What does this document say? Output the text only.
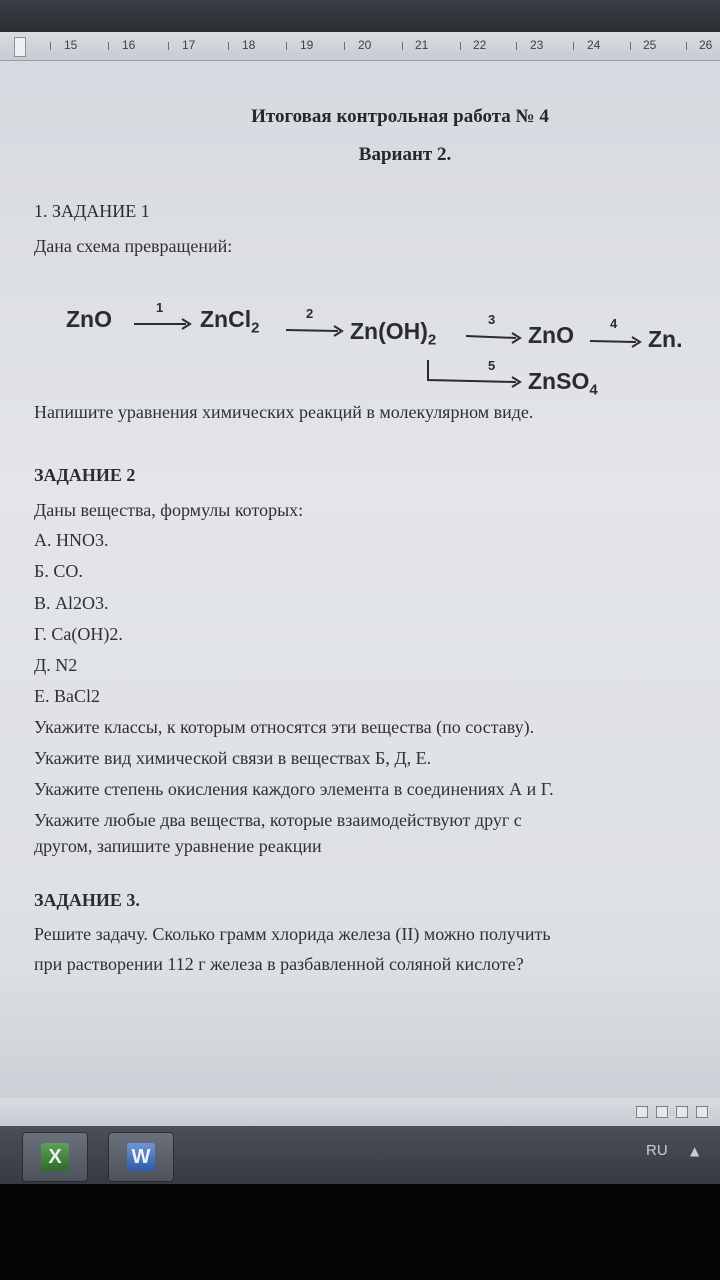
15	16	17	18	19	20	21	22	23	24	25	26
Итоговая контрольная работа № 4
Вариант 2.
1. ЗАДАНИЕ 1
Дана схема превращений:
ZnO	ZnCl$_2$	$Zn(OH)_2$	ZnO	Zn.
ZnSO$_4$
1	2	3	4
5
Напишите уравнения химических реакций в молекулярном виде.
ЗАДАНИЕ 2
Даны вещества, формулы которых:
А. HNO3.
Б. CO.
В. Al2O3.
Г. Ca(OH)2.
Д. N2
Е. BaCl2
Укажите классы, к которым относятся эти вещества (по составу).
Укажите вид химической связи в веществах Б, Д, Е.
Укажите степень окисления каждого элемента в соединениях А и Г.
Укажите любые два вещества, которые взаимодействуют друг с
другом, запишите уравнение реакции
ЗАДАНИЕ 3.
Решите задачу. Сколько грамм хлорида железа (II) можно получить
при растворении 112 г железа в разбавленной соляной кислоте?
X	W	RU ▲
